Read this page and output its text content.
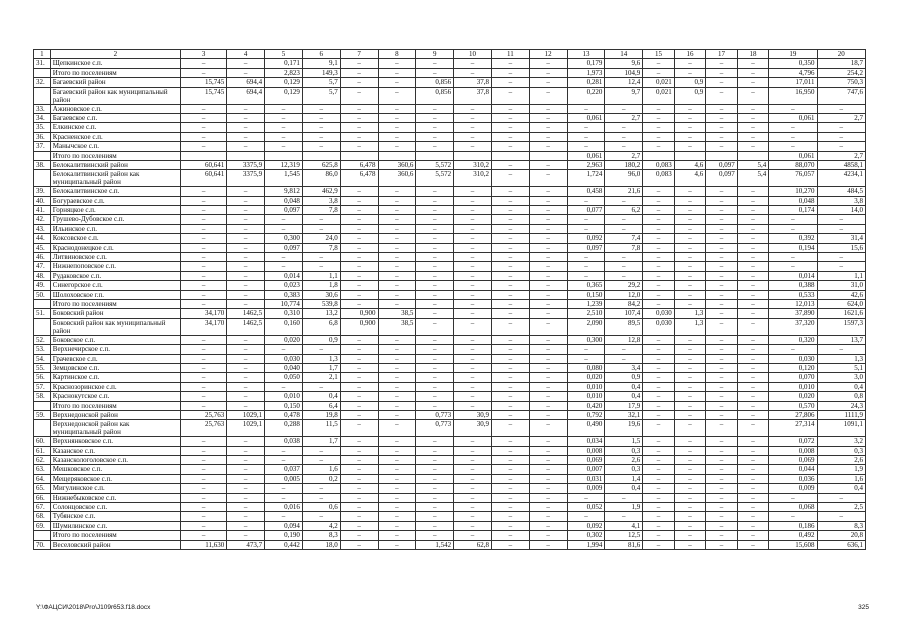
1	2	3	4	5	6	7	8	9	10	11	12	13	14	15	16	17	18	19	20
31.	Щепкинское с.п.	–	–	0,171	9,1	–	–	–	–	–	–	0,179	9,6	–	–	–	–	0,350	18,7
	Итого по поселениям	–	–	2,823	149,3	–	–	–	–	–	–	1,973	104,9	–	–	–	–	4,796	254,2
32.	Багаевский район	15,745	694,4	0,129	5,7	–	–	0,856	37,8	–	–	0,281	12,4	0,021	0,9	–	–	17,011	750,3
	Багаевский район как муниципальный район	15,745	694,4	0,129	5,7	–	–	0,856	37,8	–	–	0,220	9,7	0,021	0,9	–	–	16,950	747,6
33.	Ажиновское с.п.	–	–	–	–	–	–	–	–	–	–	–	–	–	–	–	–	–	–
34.	Багаевское с.п.	–	–	–	–	–	–	–	–	–	–	0,061	2,7	–	–	–	–	0,061	2,7
35.	Елкинское с.п.	–	–	–	–	–	–	–	–	–	–	–	–	–	–	–	–	–	–
36.	Красненское с.п.	–	–	–	–	–	–	–	–	–	–	–	–	–	–	–	–	–	–
37.	Манычское с.п.	–	–	–	–	–	–	–	–	–	–	–	–	–	–	–	–	–	–
	Итого по поселениям											0,061	2,7					0,061	2,7
38.	Белокалитвинский район	60,641	3375,9	12,319	625,8	6,478	360,6	5,572	310,2	–	–	2,963	180,2	0,083	4,6	0,097	5,4	88,070	4858,1
	Белокалитвинский район как муниципальный район	60,641	3375,9	1,545	86,0	6,478	360,6	5,572	310,2	–	–	1,724	96,0	0,083	4,6	0,097	5,4	76,057	4234,1
39.	Белокалитвинское с.п.	–	–	9,812	462,9	–	–	–	–	–	–	0,458	21,6	–	–	–	–	10,270	484,5
40.	Богураевское с.п.	–	–	0,048	3,8	–	–	–	–	–	–	–	–	–	–	–	–	0,048	3,8
41.	Горняцкое с.п.	–	–	0,097	7,8	–	–	–	–	–	–	0,077	6,2	–	–	–	–	0,174	14,0
42.	Грушево-Дубовское с.п.	–	–	–	–	–	–	–	–	–	–	–	–	–	–	–	–	–	–
43.	Ильинское с.п.	–	–	–	–	–	–	–	–	–	–	–	–	–	–	–	–	–	–
44.	Коксовское с.п.	–	–	0,300	24,0	–	–	–	–	–	–	0,092	7,4	–	–	–	–	0,392	31,4
45.	Краснодонецкое с.п.	–	–	0,097	7,8	–	–	–	–	–	–	0,097	7,8	–	–	–	–	0,194	15,6
46.	Литвиновское с.п.	–	–	–	–	–	–	–	–	–	–	–	–	–	–	–	–	–	–
47.	Нижнепоповское с.п.	–	–	–	–	–	–	–	–	–	–	–	–	–	–	–	–	–	–
48.	Рудаковское с.п.	–	–	0,014	1,1	–	–	–	–	–	–	–	–	–	–	–	–	0,014	1,1
49.	Синегорское с.п.	–	–	0,023	1,8	–	–	–	–	–	–	0,365	29,2	–	–	–	–	0,388	31,0
50.	Шолоховское г.п.	–	–	0,383	30,6	–	–	–	–	–	–	0,150	12,0	–	–	–	–	0,533	42,6
	Итого по поселениям	–	–	10,774	539,8	–	–	–	–	–	–	1,239	84,2	–	–	–	–	12,013	624,0
51.	Боковский район	34,170	1462,5	0,310	13,2	0,900	38,5	–	–	–	–	2,510	107,4	0,030	1,3	–	–	37,890	1621,6
	Боковский район как муниципальный район	34,170	1462,5	0,160	6,8	0,900	38,5	–	–	–	–	2,090	89,5	0,030	1,3	–	–	37,320	1597,3
52.	Боковское с.п.	–	–	0,020	0,9	–	–	–	–	–	–	0,300	12,8	–	–	–	–	0,320	13,7
53.	Верхнечирское с.п.	–	–	–	–	–	–	–	–	–	–	–	–	–	–	–	–	–	–
54.	Грачевское с.п.	–	–	0,030	1,3	–	–	–	–	–	–	–	–	–	–	–	–	0,030	1,3
55.	Земцовское с.п.	–	–	0,040	1,7	–	–	–	–	–	–	0,080	3,4	–	–	–	–	0,120	5,1
56.	Картинское с.п.	–	–	0,050	2,1	–	–	–	–	–	–	0,020	0,9	–	–	–	–	0,070	3,0
57.	Краснозоринское с.п.	–	–	–	–	–	–	–	–	–	–	0,010	0,4	–	–	–	–	0,010	0,4
58.	Краснокутское с.п.	–	–	0,010	0,4	–	–	–	–	–	–	0,010	0,4	–	–	–	–	0,020	0,8
	Итого по поселениям	–	–	0,150	6,4	–	–	–	–	–	–	0,420	17,9	–	–	–	–	0,570	24,3
59.	Верхнедонской район	25,763	1029,1	0,478	19,8	–	–	0,773	30,9	–	–	0,792	32,1	–	–	–	–	27,806	1111,9
	Верхнедонской район как муниципальный район	25,763	1029,1	0,288	11,5	–	–	0,773	30,9	–	–	0,490	19,6	–	–	–	–	27,314	1091,1
60.	Верхнянковское с.п.	–	–	0,038	1,7	–	–	–	–	–	–	0,034	1,5	–	–	–	–	0,072	3,2
61.	Казанское с.п.	–	–	–	–	–	–	–	–	–	–	0,008	0,3	–	–	–	–	0,008	0,3
62.	Казанскологоловское с.п.	–	–	–	–	–	–	–	–	–	–	0,069	2,6	–	–	–	–	0,069	2,6
63.	Мешковское с.п.	–	–	0,037	1,6	–	–	–	–	–	–	0,007	0,3	–	–	–	–	0,044	1,9
64.	Мещеряковское с.п.	–	–	0,005	0,2	–	–	–	–	–	–	0,031	1,4	–	–	–	–	0,036	1,6
65.	Мигулинское с.п.	–	–	–	–	–	–	–	–	–	–	0,009	0,4	–	–	–	–	0,009	0,4
66.	Нижнебыковское с.п.	–	–	–	–	–	–	–	–	–	–	–	–	–	–	–	–	–	–
67.	Солонцовское с.п.	–	–	0,016	0,6	–	–	–	–	–	–	0,052	1,9	–	–	–	–	0,068	2,5
68.	Тубянское с.п.	–	–	–	–	–	–	–	–	–	–	–	–	–	–	–	–	–	–
69.	Шумилинское с.п.	–	–	0,094	4,2	–	–	–	–	–	–	0,092	4,1	–	–	–	–	0,186	8,3
	Итого по поселениям	–	–	0,190	8,3	–	–	–	–	–	–	0,302	12,5	–	–	–	–	0,492	20,8
70.	Веселовский район	11,630	473,7	0,442	18,0	–	–	1,542	62,8	–	–	1,994	81,6	–	–	–	–	15,608	636,1
Y:\ФАЦСИ\2018\Pro\J109r653.f18.docx	325
